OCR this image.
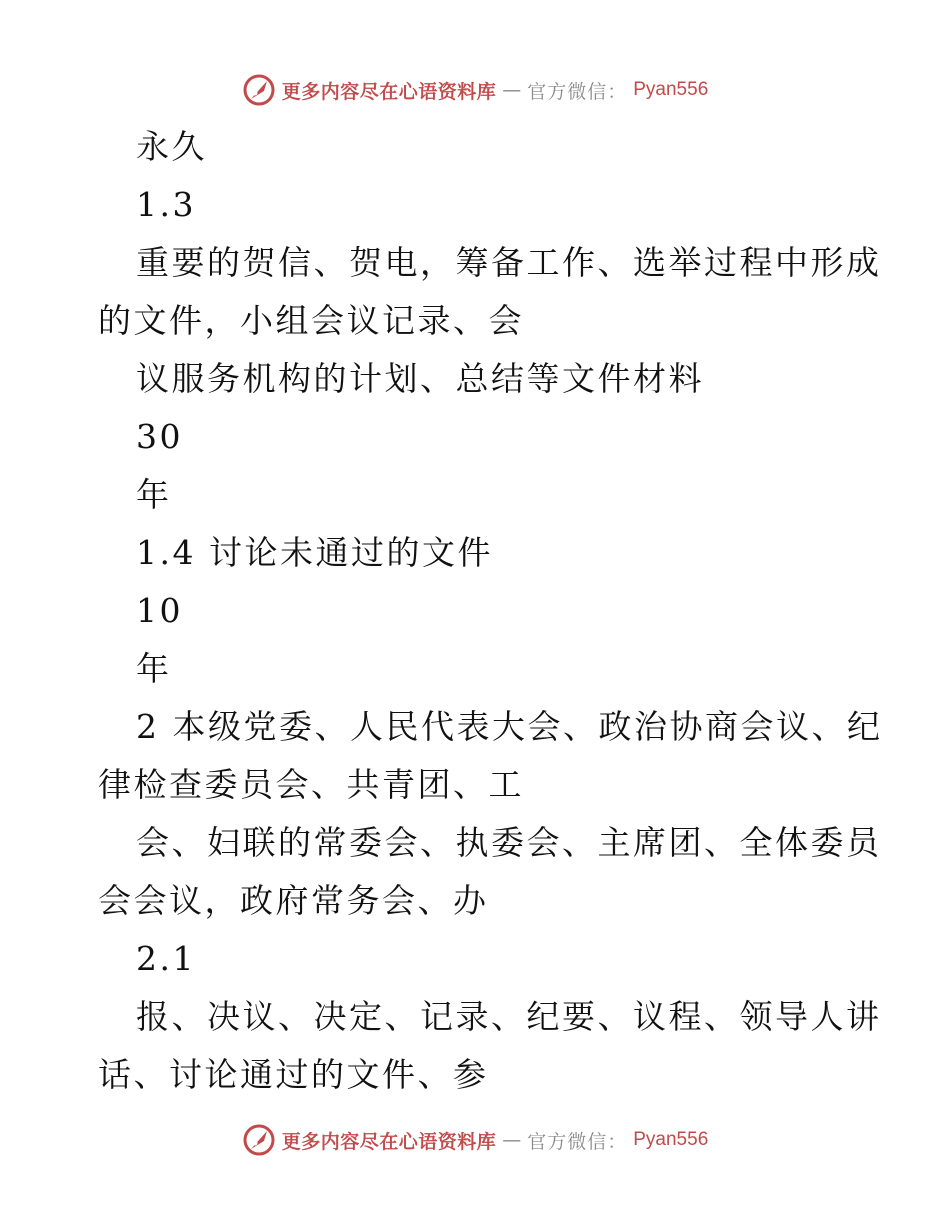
更多内容尽在心语资料库 — 官方微信： Pyan556
永久
1.3
重要的贺信、贺电，筹备工作、选举过程中形成
的文件，小组会议记录、会
议服务机构的计划、总结等文件材料
30
年
1.4 讨论未通过的文件
10
年
2 本级党委、人民代表大会、政治协商会议、纪
律检查委员会、共青团、工
会、妇联的常委会、执委会、主席团、全体委员
会会议，政府常务会、办
2.1
报、决议、决定、记录、纪要、议程、领导人讲
话、讨论通过的文件、参
更多内容尽在心语资料库 — 官方微信： Pyan556
